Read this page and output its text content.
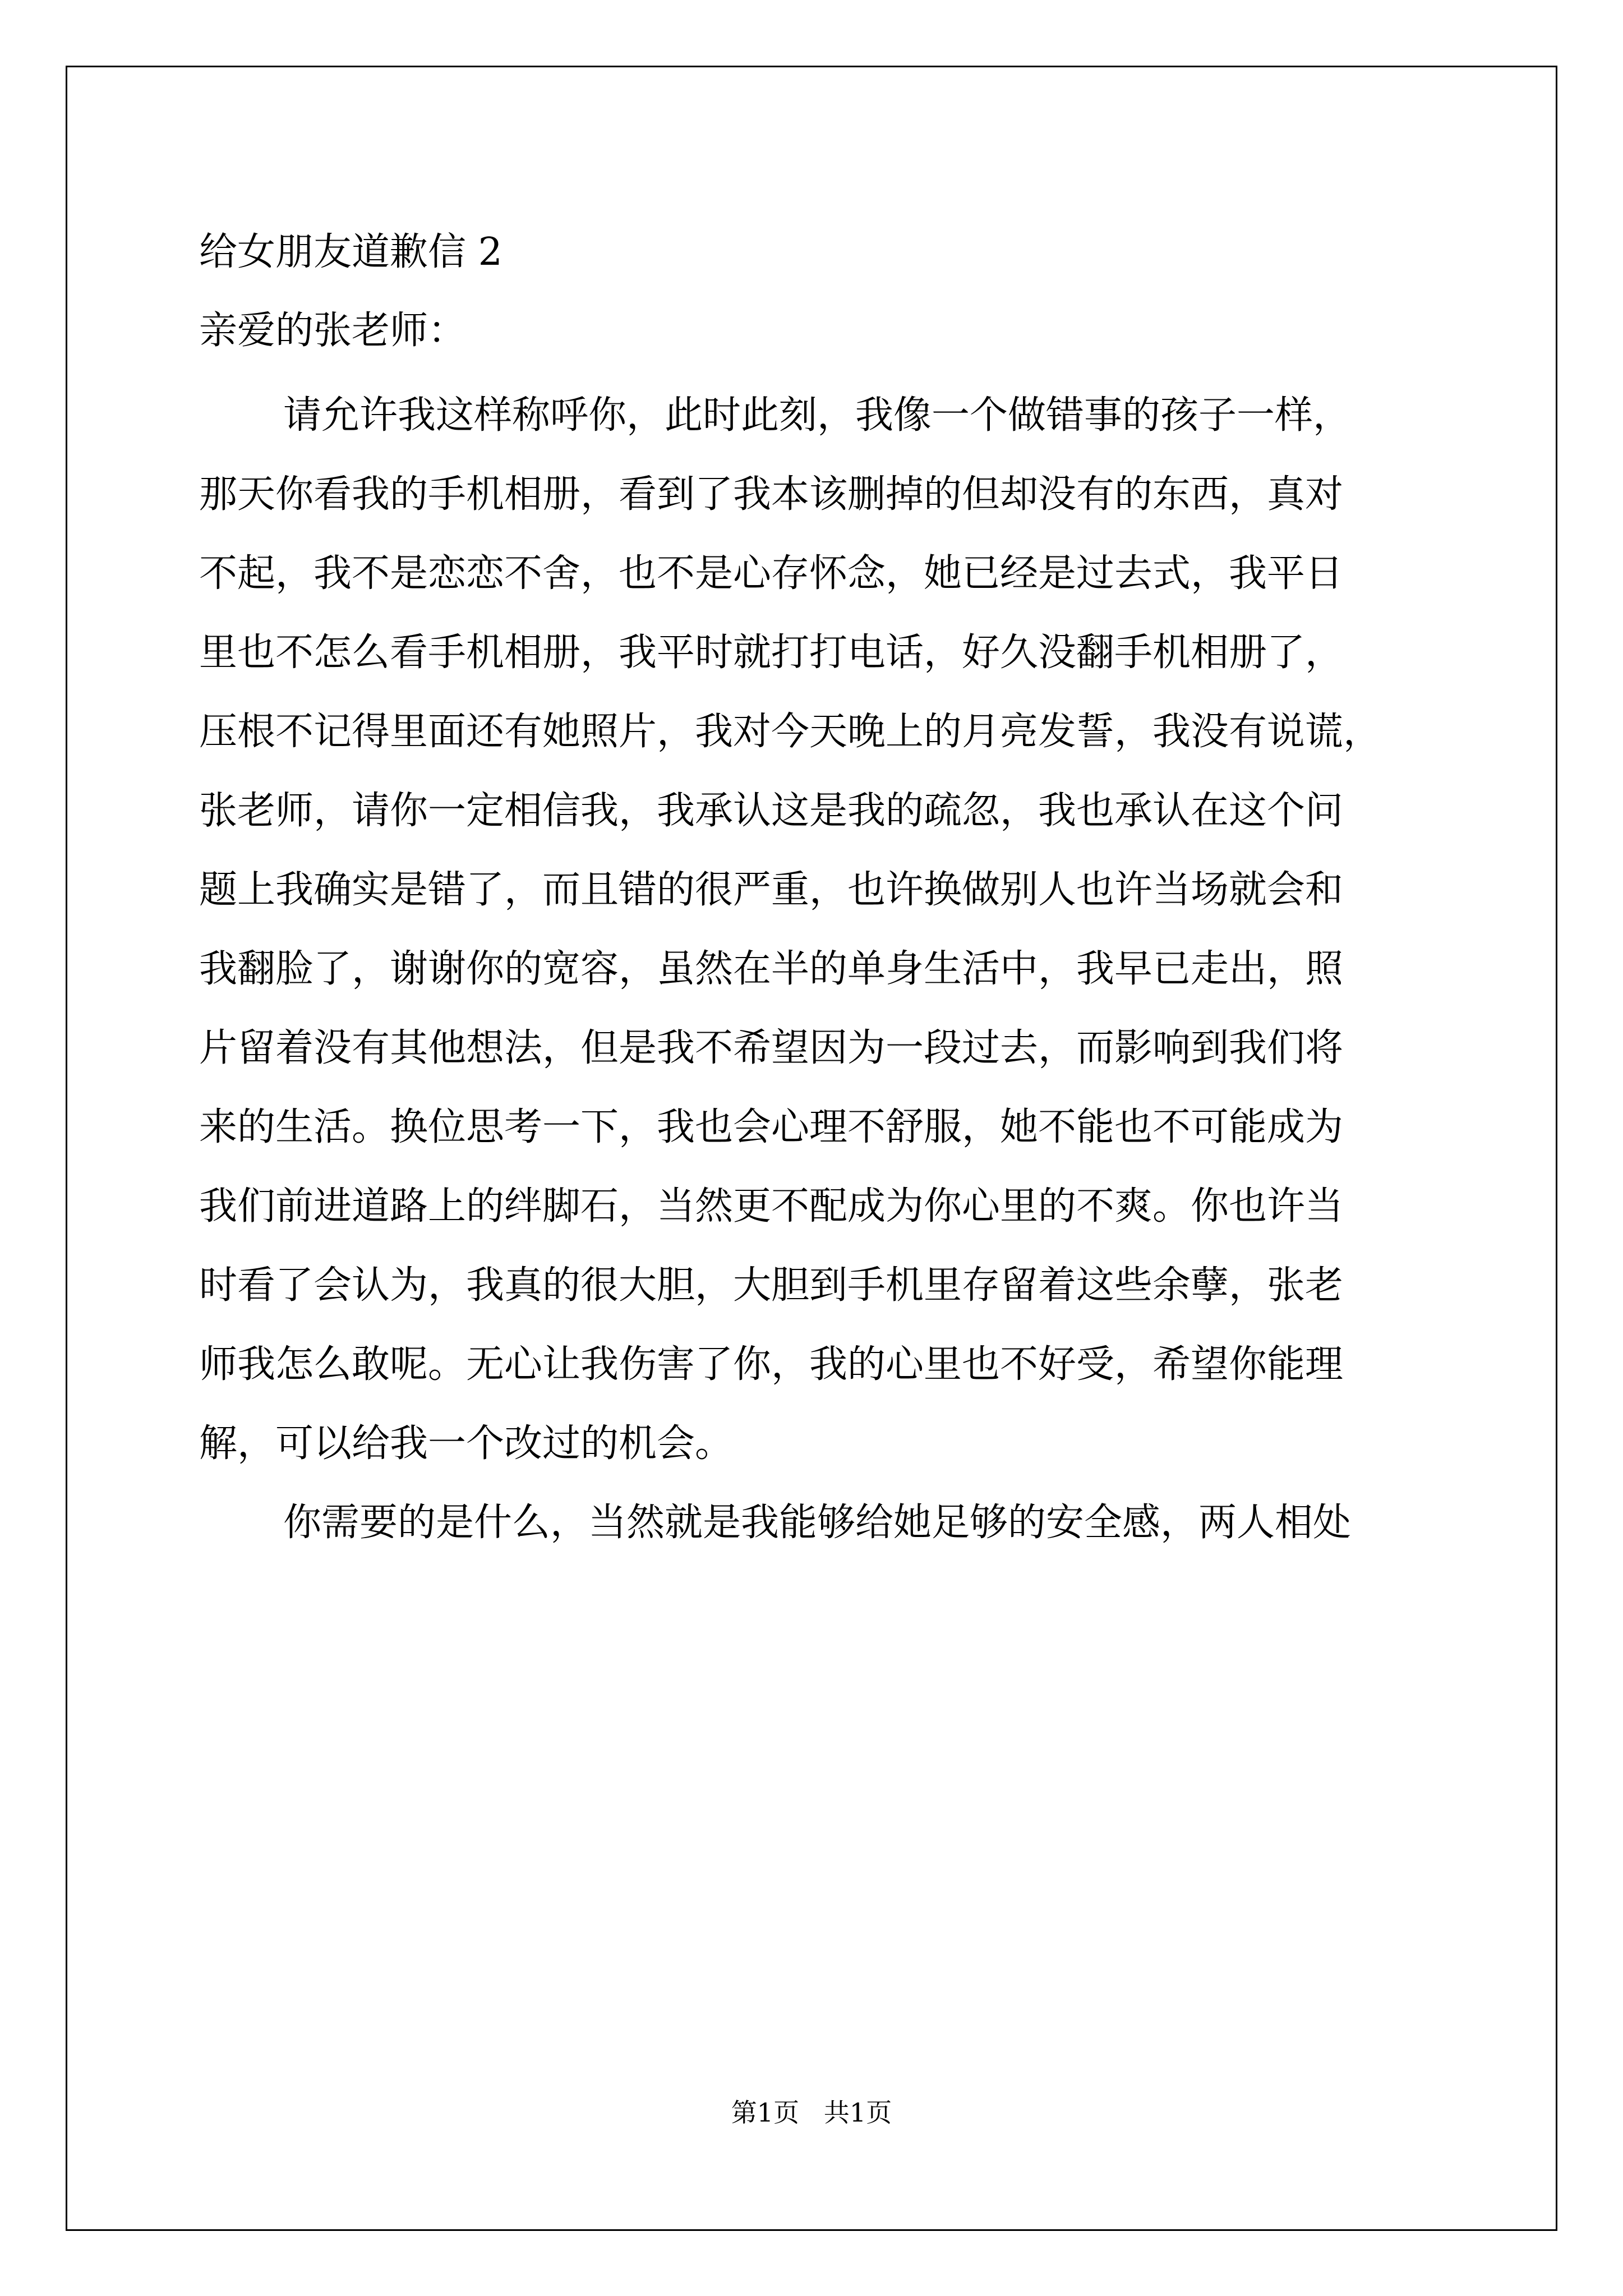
给女朋友道歉信 2
亲爱的张老师：
请允许我这样称呼你，此时此刻，我像一个做错事的孩子一样，
那天你看我的手机相册，看到了我本该删掉的但却没有的东西，真对
不起，我不是恋恋不舍，也不是心存怀念，她已经是过去式，我平日
里也不怎么看手机相册，我平时就打打电话，好久没翻手机相册了，
压根不记得里面还有她照片，我对今天晚上的月亮发誓，我没有说谎，
张老师，请你一定相信我，我承认这是我的疏忽，我也承认在这个问
题上我确实是错了，而且错的很严重，也许换做别人也许当场就会和
我翻脸了，谢谢你的宽容，虽然在半的单身生活中，我早已走出，照
片留着没有其他想法，但是我不希望因为一段过去，而影响到我们将
来的生活。换位思考一下，我也会心理不舒服，她不能也不可能成为
我们前进道路上的绊脚石，当然更不配成为你心里的不爽。你也许当
时看了会认为，我真的很大胆，大胆到手机里存留着这些余孽，张老
师我怎么敢呢。无心让我伤害了你，我的心里也不好受，希望你能理
解，可以给我一个改过的机会。
你需要的是什么，当然就是我能够给她足够的安全感，两人相处
第1页   共1页
